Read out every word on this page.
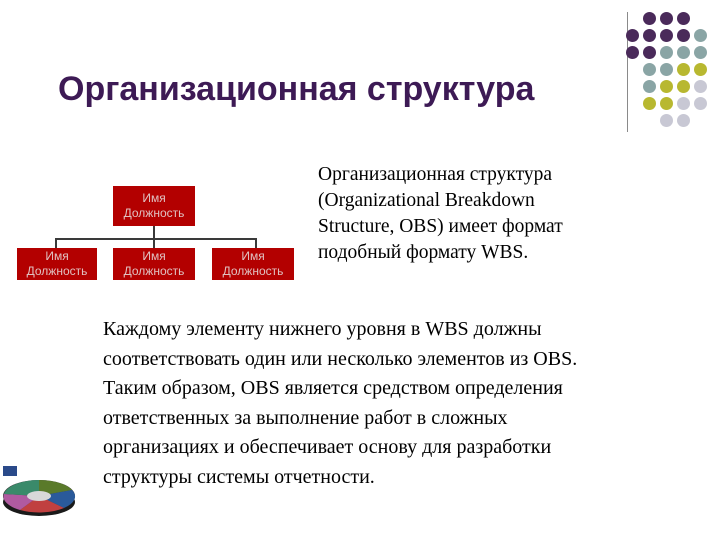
Организационная структура
Имя
Должность
Имя
Должность
Имя
Должность
Имя
Должность
Организационная структура
(Organizational Breakdown
Structure, OBS) имеет формат
подобный формату WBS.
Каждому элементу нижнего уровня в WBS должны
соответствовать один или несколько элементов из OBS.
Таким образом, OBS является средством определения
ответственных за выполнение работ в сложных
организациях и обеспечивает основу для разработки
структуры системы отчетности.
